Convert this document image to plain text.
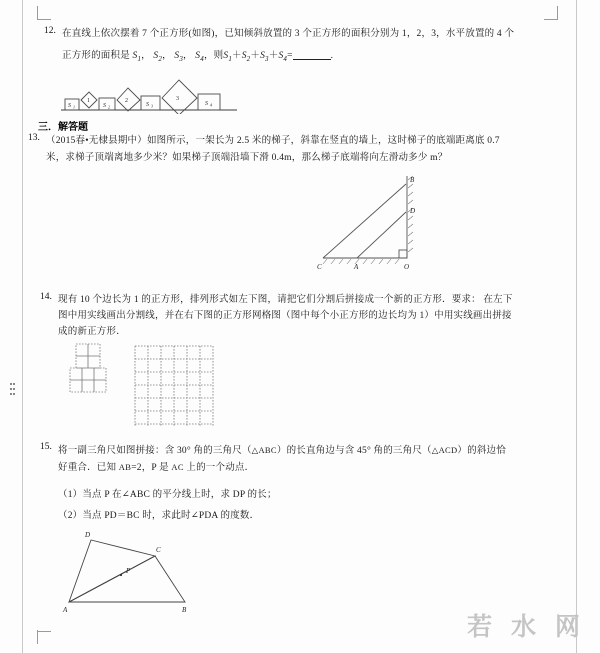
12. 在直线上依次摆着 7 个正方形(如图)，已知倾斜放置的 3 个正方形的面积分别为 1，2，3，水平放置的 4 个
正方形的面积是 $S_1$， $S_2$， $S_3$， $S_4$，则$S_1+S_2+S_3+S_4=$	.
S 1
1
S 2
2
S 3
3
S 4
三．解答题
13. （2015春•无棣县期中）如图所示，一架长为 2.5 米的梯子，斜靠在竖直的墙上，这时梯子的底端距离底 0.7
米，求梯子顶端离地多少米？如果梯子顶端沿墙下滑 0.4m，那么梯子底端将向左滑动多少 m？
B
D
C	A	O
14. 现有 10 个边长为 1 的正方形，排列形式如左下图，请把它们分割后拼接成一个新的正方形．要求： 在左下
图中用实线画出分割线，并在右下图的正方形网格图（图中每个小正方形的边长均为 1）中用实线画出拼接
成的新正方形．
15. 将一副三角尺如图拼接：含 30° 角的三角尺（△ABC）的长直角边与含 45° 角的三角尺（△ACD）的斜边恰
好重合．已知 AB=2，P 是 AC 上的一个动点．
（1）当点 P 在∠ABC 的平分线上时，求 DP 的长；
（2）当点 PD＝BC 时，求此时∠PDA 的度数．
D
C
P
A	B
若 水 网
